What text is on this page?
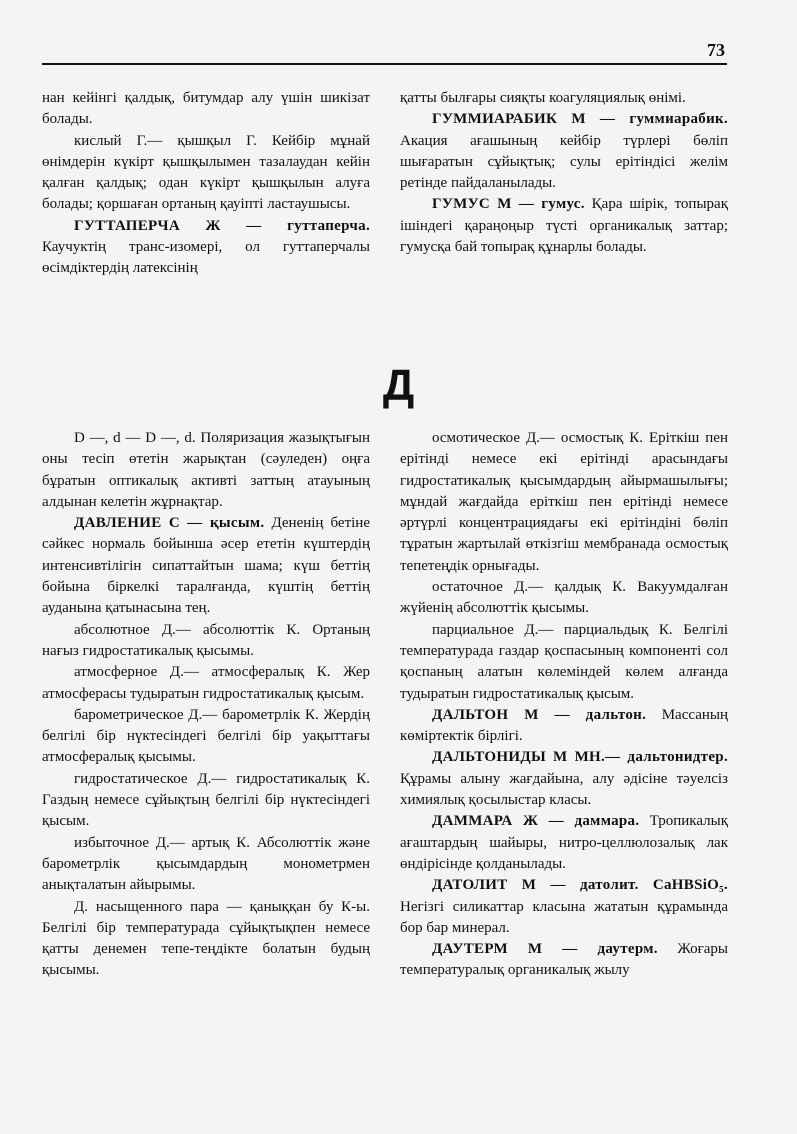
73

нан кейінгі қалдық, битумдар алу үшін шикізат болады.

кислый Г.— қышқыл Г. Кейбір мұнай өнімдерін күкірт қышқылымен тазалаудан кейін қалған қалдық; одан күкірт қышқылын алуға болады; қоршаған ортаның қауіпті ластаушысы.

ГУТТАПЕРЧА Ж — гуттаперча. Каучуктің транс-изомері, ол гуттаперчалы өсімдіктердің латексінің

қатты былғары сияқты коагуляциялық өнімі.

ГУММИАРАБИК М — гуммиарабик. Акация ағашының кейбір түрлері бөліп шығаратын сұйықтық; сулы ерітіндісі желім ретінде пайдаланылады.

ГУМУС М — гумус. Қара шірік, топырақ ішіндегі қараңоңыр түсті органикалық заттар; гумусқа бай топырақ құнарлы болады.

Д

D —, d — D —, d. Поляризация жазықтығын оны тесіп өтетін жарықтан (сәуледен) оңға бұратын оптикалық активті заттың атауының алдынан келетін жұрнақтар.

ДАВЛЕНИЕ С — қысым. Дененің бетіне сәйкес нормаль бойынша әсер ететін күштердің интенсивтілігін сипаттайтын шама; күш беттің бойына біркелкі таралғанда, күштің беттің ауданына қатынасына тең.

абсолютное Д.— абсолюттік К. Ортаның нағыз гидростатикалық қысымы.

атмосферное Д.— атмосфералық К. Жер атмосферасы тудыратын гидростатикалық қысым.

барометрическое Д.— барометрлік К. Жердің белгілі бір нүктесіндегі белгілі бір уақыттағы атмосфералық қысымы.

гидростатическое Д.— гидростатикалық К. Газдың немесе сұйықтың белгілі бір нүктесіндегі қысым.

избыточное Д.— артық К. Абсолюттік және барометрлік қысымдардың монометрмен анықталатын айырымы.

Д. насыщенного пара — қаныққан бу К-ы. Белгілі бір температурада сұйықтықпен немесе қатты денемен тепе-теңдікте болатын будың қысымы.

осмотическое Д.— осмостық К. Еріткіш пен ерітінді немесе екі ерітінді арасындағы гидростатикалық қысымдардың айырмашылығы; мұндай жағдайда еріткіш пен ерітінді немесе әртүрлі концентрациядағы екі ерітіндіні бөліп тұратын жартылай өткізгіш мембранада осмостық тепетеңдік орнығады.

остаточное Д.— қалдық К. Вакуумдалған жүйенің абсолюттік қысымы.

парциальное Д.— парциальдық К. Белгілі температурада газдар қоспасының компоненті сол қоспаның алатын көлеміндей көлем алғанда тудыратын гидростатикалық қысым.

ДАЛЬТОН М — дальтон. Массаның көміртектік бірлігі.

ДАЛЬТОНИДЫ М МН.— дальтонидтер. Құрамы алыну жағдайына, алу әдісіне тәуелсіз химиялық қосылыстар класы.

ДАММАРА Ж — даммара. Тропикалық ағаштардың шайыры, нитро-целлюлозалық лак өндірісінде қолданылады.

ДАТОЛИТ М — датолит. CaHBSiO₅. Негізгі силикаттар класына жататын құрамында бор бар минерал.

ДАУТЕРМ М — даутерм. Жоғары температуралық органикалық жылу
